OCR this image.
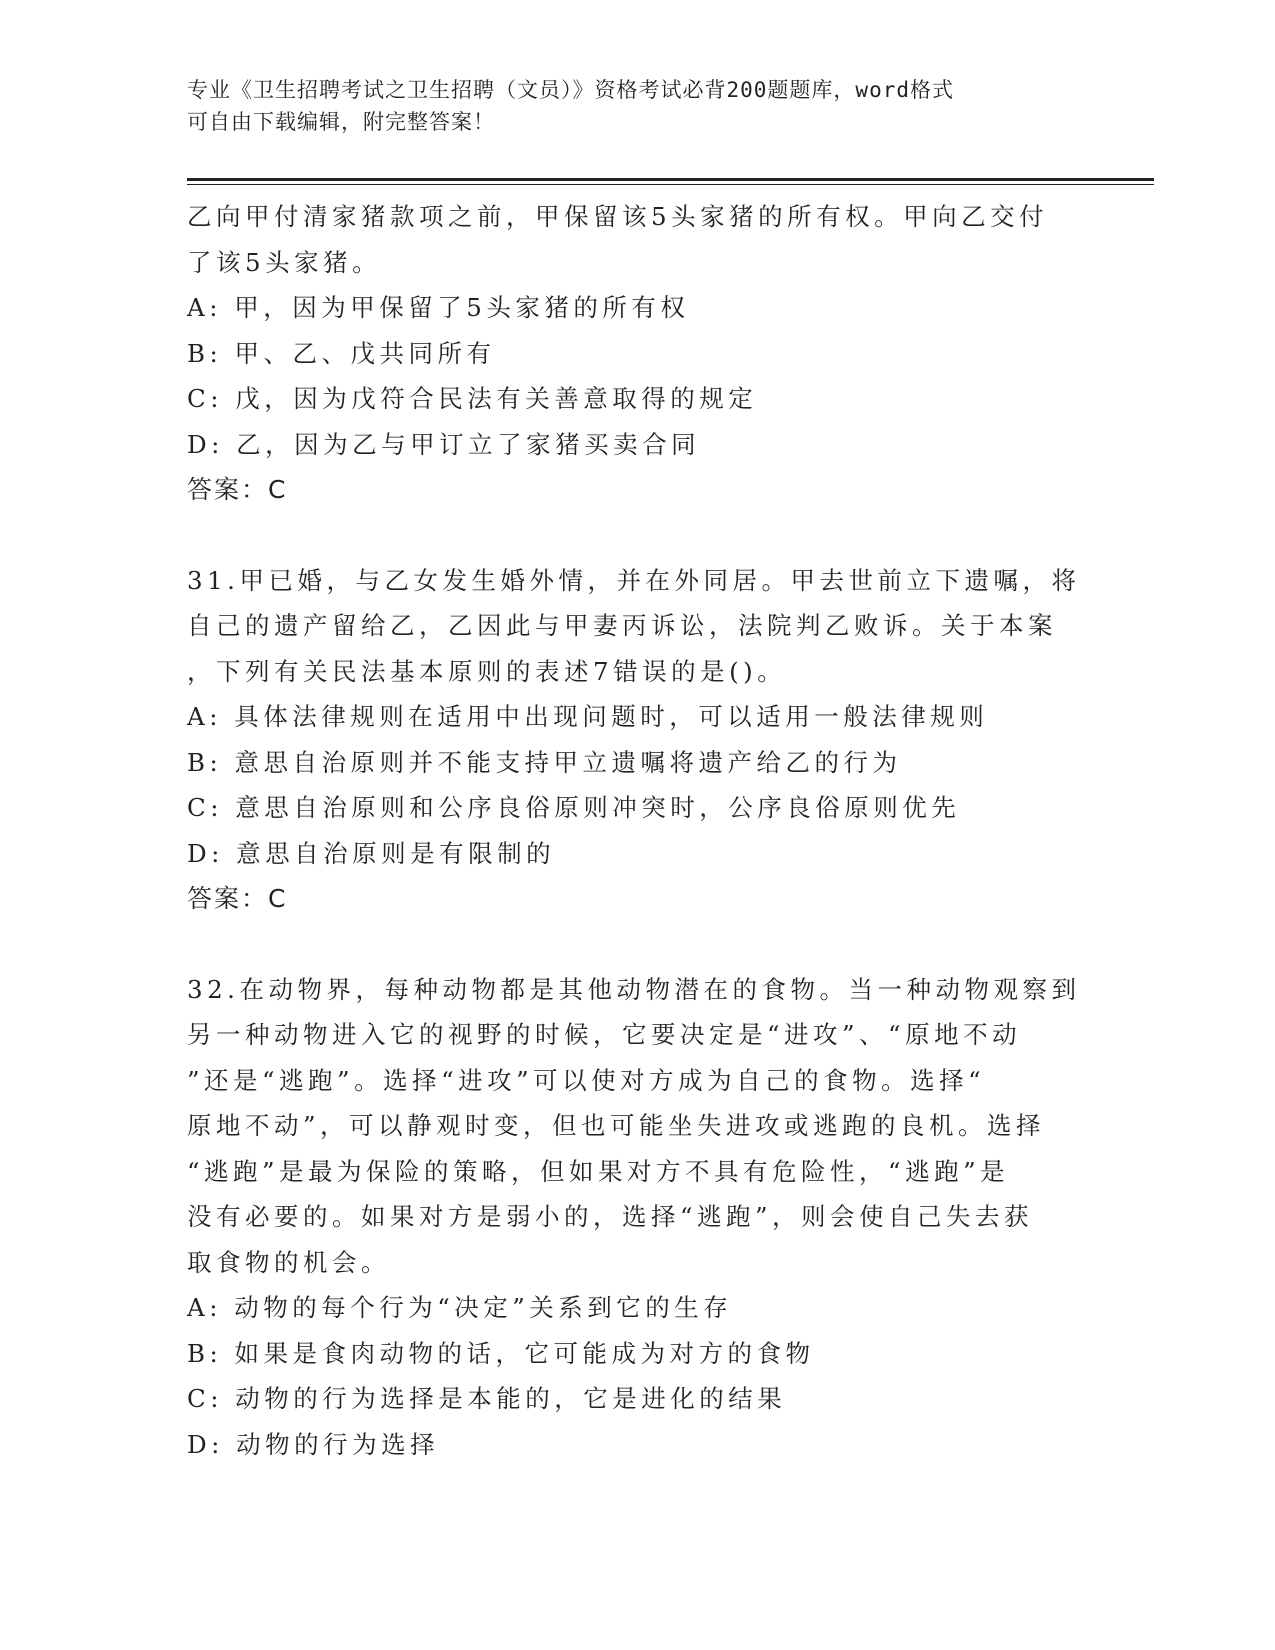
专业《卫生招聘考试之卫生招聘（文员）》资格考试必背200题题库，word格式
可自由下载编辑，附完整答案！
乙向甲付清家猪款项之前，甲保留该5头家猪的所有权。甲向乙交付
了该5头家猪。
A: 甲，因为甲保留了5头家猪的所有权
B: 甲、乙、戊共同所有
C: 戊，因为戊符合民法有关善意取得的规定
D: 乙，因为乙与甲订立了家猪买卖合同
答案：C
31.甲已婚，与乙女发生婚外情，并在外同居。甲去世前立下遗嘱，将
自己的遗产留给乙，乙因此与甲妻丙诉讼，法院判乙败诉。关于本案
，下列有关民法基本原则的表述7错误的是()。
A: 具体法律规则在适用中出现问题时，可以适用一般法律规则
B: 意思自治原则并不能支持甲立遗嘱将遗产给乙的行为
C: 意思自治原则和公序良俗原则冲突时，公序良俗原则优先
D: 意思自治原则是有限制的
答案：C
32.在动物界，每种动物都是其他动物潜在的食物。当一种动物观察到
另一种动物进入它的视野的时候，它要决定是“进攻”、“原地不动
”还是“逃跑”。选择“进攻”可以使对方成为自己的食物。选择“
原地不动”，可以静观时变，但也可能坐失进攻或逃跑的良机。选择
“逃跑”是最为保险的策略，但如果对方不具有危险性，“逃跑”是
没有必要的。如果对方是弱小的，选择“逃跑”，则会使自己失去获
取食物的机会。
A: 动物的每个行为“决定”关系到它的生存
B: 如果是食肉动物的话，它可能成为对方的食物
C: 动物的行为选择是本能的，它是进化的结果
D: 动物的行为选择
